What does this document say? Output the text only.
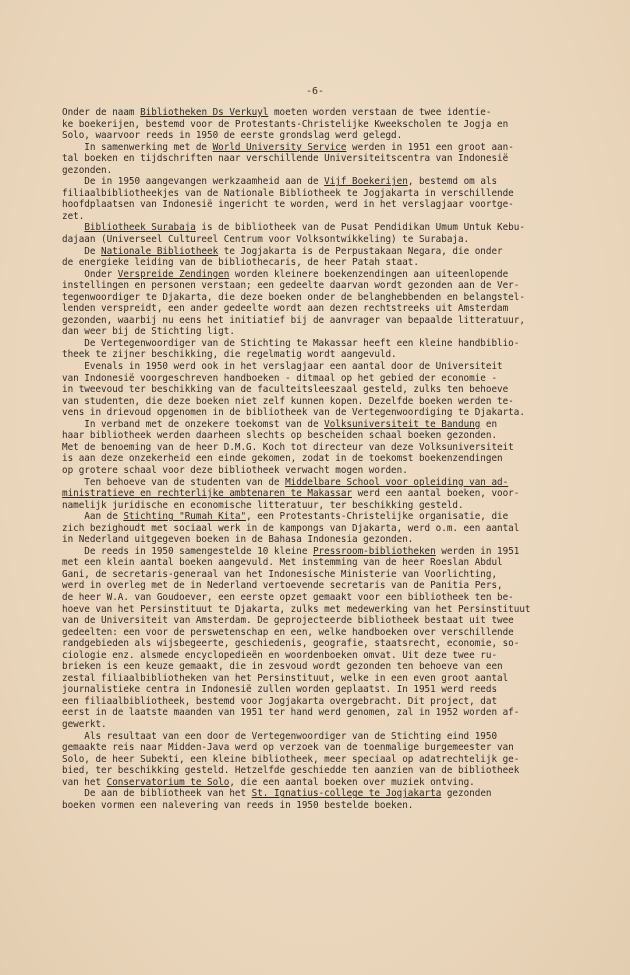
-6-
Onder de naam Bibliotheken Ds Verkuyl moeten worden verstaan de twee identie-
ke boekerijen, bestemd voor de Protestants-Christelijke Kweekscholen te Jogja en
Solo, waarvoor reeds in 1950 de eerste grondslag werd gelegd.
In samenwerking met de World University Service werden in 1951 een groot aan-
tal boeken en tijdschriften naar verschillende Universiteitscentra van Indonesië
gezonden.
De in 1950 aangevangen werkzaamheid aan de Vijf Boekerijen, bestemd om als
filiaalbibliotheekjes van de Nationale Bibliotheek te Jogjakarta in verschillende
hoofdplaatsen van Indonesië ingericht te worden, werd in het verslagjaar voortge-
zet.
Bibliotheek Surabaja is de bibliotheek van de Pusat Pendidikan Umum Untuk Kebu-
dajaan (Universeel Cultureel Centrum voor Volksontwikkeling) te Surabaja.
De Nationale Bibliotheek te Jogjakarta is de Perpustakaan Negara, die onder
de energieke leiding van de bibliothecaris, de heer Patah staat.
Onder Verspreide Zendingen worden kleinere boekenzendingen aan uiteenlopende
instellingen en personen verstaan; een gedeelte daarvan wordt gezonden aan de Ver-
tegenwoordiger te Djakarta, die deze boeken onder de belanghebbenden en belangstel-
lenden verspreidt, een ander gedeelte wordt aan dezen rechtstreeks uit Amsterdam
gezonden, waarbij nu eens het initiatief bij de aanvrager van bepaalde litteratuur,
dan weer bij de Stichting ligt.
De Vertegenwoordiger van de Stichting te Makassar heeft een kleine handbiblio-
theek te zijner beschikking, die regelmatig wordt aangevuld.
Evenals in 1950 werd ook in het verslagjaar een aantal door de Universiteit
van Indonesië voorgeschreven handboeken - ditmaal op het gebied der economie -
in tweevoud ter beschikking van de faculteitsleeszaal gesteld, zulks ten behoeve
van studenten, die deze boeken niet zelf kunnen kopen. Dezelfde boeken werden te-
vens in drievoud opgenomen in de bibliotheek van de Vertegenwoordiging te Djakarta.
In verband met de onzekere toekomst van de Volksuniversiteit te Bandung en
haar bibliotheek werden daarheen slechts op bescheiden schaal boeken gezonden.
Met de benoeming van de heer D.M.G. Koch tot directeur van deze Volksuniversiteit
is aan deze onzekerheid een einde gekomen, zodat in de toekomst boekenzendingen
op grotere schaal voor deze bibliotheek verwacht mogen worden.
Ten behoeve van de studenten van de Middelbare School voor opleiding van ad-
ministratieve en rechterlijke ambtenaren te Makassar werd een aantal boeken, voor-
namelijk juridische en economische litteratuur, ter beschikking gesteld.
Aan de Stichting "Rumah Kita", een Protestants-Christelijke organisatie, die
zich bezighoudt met sociaal werk in de kampongs van Djakarta, werd o.m. een aantal
in Nederland uitgegeven boeken in de Bahasa Indonesia gezonden.
De reeds in 1950 samengestelde 10 kleine Pressroom-bibliotheken werden in 1951
met een klein aantal boeken aangevuld. Met instemming van de heer Roeslan Abdul
Gani, de secretaris-generaal van het Indonesische Ministerie van Voorlichting,
werd in overleg met de in Nederland vertoevende secretaris van de Panitia Pers,
de heer W.A. van Goudoever, een eerste opzet gemaakt voor een bibliotheek ten be-
hoeve van het Persinstituut te Djakarta, zulks met medewerking van het Persinstituut
van de Universiteit van Amsterdam. De geprojecteerde bibliotheek bestaat uit twee
gedeelten: een voor de perswetenschap en een, welke handboeken over verschillende
randgebieden als wijsbegeerte, geschiedenis, geografie, staatsrecht, economie, so-
ciologie enz. alsmede encyclopedieën en woordenboeken omvat. Uit deze twee ru-
brieken is een keuze gemaakt, die in zesvoud wordt gezonden ten behoeve van een
zestal filiaalbibliotheken van het Persinstituut, welke in een even groot aantal
journalistieke centra in Indonesië zullen worden geplaatst. In 1951 werd reeds
een filiaalbibliotheek, bestemd voor Jogjakarta overgebracht. Dit project, dat
eerst in de laatste maanden van 1951 ter hand werd genomen, zal in 1952 worden af-
gewerkt.
Als resultaat van een door de Vertegenwoordiger van de Stichting eind 1950
gemaakte reis naar Midden-Java werd op verzoek van de toenmalige burgemeester van
Solo, de heer Subekti, een kleine bibliotheek, meer speciaal op adatrechtelijk ge-
bied, ter beschikking gesteld. Hetzelfde geschiedde ten aanzien van de bibliotheek
van het Conservatorium te Solo, die een aantal boeken over muziek ontving.
De aan de bibliotheek van het St. Ignatius-college te Jogjakarta gezonden
boeken vormen een nalevering van reeds in 1950 bestelde boeken.
